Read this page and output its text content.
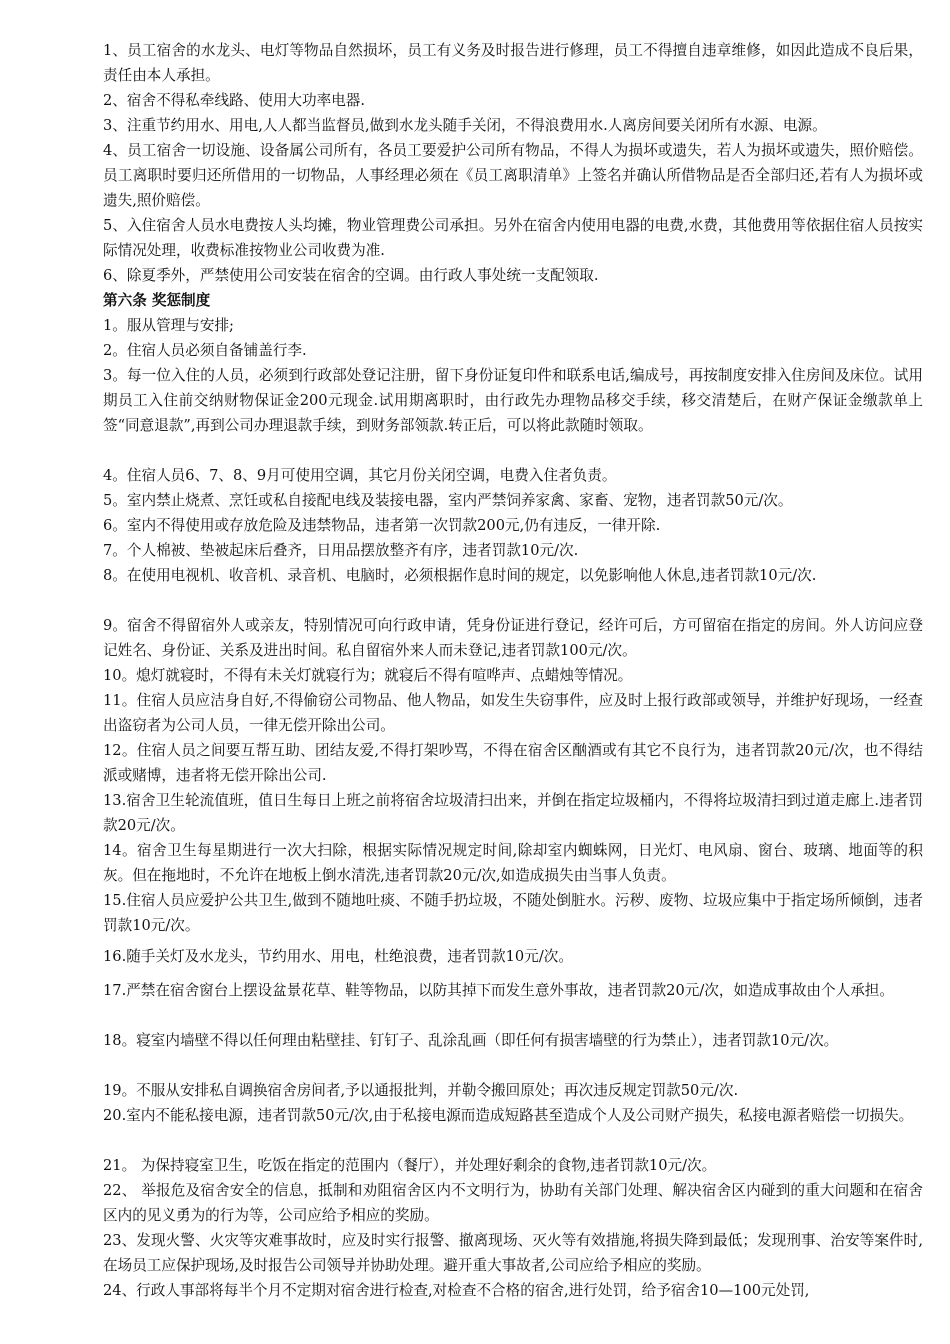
1、员工宿舍的水龙头、电灯等物品自然损坏，员工有义务及时报告进行修理，员工不得擅自违章维修，如因此造成不良后果，责任由本人承担。

2、宿舍不得私牵线路、使用大功率电器.

3、注重节约用水、用电,人人都当监督员,做到水龙头随手关闭，不得浪费用水.人离房间要关闭所有水源、电源。

4、员工宿舍一切设施、设备属公司所有，各员工要爱护公司所有物品，不得人为损坏或遗失，若人为损坏或遗失，照价赔偿。员工离职时要归还所借用的一切物品，人事经理必须在《员工离职清单》上签名并确认所借物品是否全部归还,若有人为损坏或遗失,照价赔偿。

5、入住宿舍人员水电费按人头均摊，物业管理费公司承担。另外在宿舍内使用电器的电费,水费，其他费用等依据住宿人员按实际情况处理，收费标准按物业公司收费为准.

6、除夏季外，严禁使用公司安装在宿舍的空调。由行政人事处统一支配领取.

第六条 奖惩制度

1。服从管理与安排;

2。住宿人员必须自备铺盖行李.

3。每一位入住的人员，必须到行政部处登记注册，留下身份证复印件和联系电话,编成号，再按制度安排入住房间及床位。试用期员工入住前交纳财物保证金200元现金.试用期离职时，由行政先办理物品移交手续，移交清楚后，在财产保证金缴款单上签“同意退款”,再到公司办理退款手续，到财务部领款.转正后，可以将此款随时领取。

4。住宿人员6、7、8、9月可使用空调，其它月份关闭空调，电费入住者负责。

5。室内禁止烧煮、烹饪或私自接配电线及装接电器，室内严禁饲养家禽、家畜、宠物，违者罚款50元/次。

6。室内不得使用或存放危险及违禁物品，违者第一次罚款200元,仍有违反，一律开除.

7。个人棉被、垫被起床后叠齐，日用品摆放整齐有序，违者罚款10元/次.

8。在使用电视机、收音机、录音机、电脑时，必须根据作息时间的规定，以免影响他人休息,违者罚款10元/次.

9。宿舍不得留宿外人或亲友，特别情况可向行政申请，凭身份证进行登记，经许可后，方可留宿在指定的房间。外人访问应登记姓名、身份证、关系及进出时间。私自留宿外来人而未登记,违者罚款100元/次。

10。熄灯就寝时，不得有未关灯就寝行为；就寝后不得有喧哗声、点蜡烛等情况。

11。住宿人员应洁身自好,不得偷窃公司物品、他人物品，如发生失窃事件，应及时上报行政部或领导，并维护好现场，一经查出盗窃者为公司人员，一律无偿开除出公司。

12。住宿人员之间要互帮互助、团结友爱,不得打架吵骂，不得在宿舍区酗酒或有其它不良行为，违者罚款20元/次，也不得结派或赌博，违者将无偿开除出公司.

13.宿舍卫生轮流值班，值日生每日上班之前将宿舍垃圾清扫出来，并倒在指定垃圾桶内，不得将垃圾清扫到过道走廊上.违者罚款20元/次。

14。宿舍卫生每星期进行一次大扫除，根据实际情况规定时间,除却室内蜘蛛网，日光灯、电风扇、窗台、玻璃、地面等的积灰。但在拖地时，不允许在地板上倒水清洗,违者罚款20元/次,如造成损失由当事人负责。

15.住宿人员应爱护公共卫生,做到不随地吐痰、不随手扔垃圾，不随处倒脏水。污秽、废物、垃圾应集中于指定场所倾倒，违者罚款10元/次。

16.随手关灯及水龙头，节约用水、用电，杜绝浪费，违者罚款10元/次。

17.严禁在宿舍窗台上摆设盆景花草、鞋等物品，以防其掉下而发生意外事故，违者罚款20元/次，如造成事故由个人承担。

18。寝室内墙壁不得以任何理由粘壁挂、钉钉子、乱涂乱画（即任何有损害墙壁的行为禁止），违者罚款10元/次。

19。不服从安排私自调换宿舍房间者,予以通报批判，并勒令搬回原处；再次违反规定罚款50元/次.

20.室内不能私接电源，违者罚款50元/次,由于私接电源而造成短路甚至造成个人及公司财产损失，私接电源者赔偿一切损失。

21。 为保持寝室卫生，吃饭在指定的范围内（餐厅），并处理好剩余的食物,违者罚款10元/次。

22、 举报危及宿舍安全的信息，抵制和劝阻宿舍区内不文明行为，协助有关部门处理、解决宿舍区内碰到的重大问题和在宿舍区内的见义勇为的行为等，公司应给予相应的奖励。

23、发现火警、火灾等灾难事故时，应及时实行报警、撤离现场、灭火等有效措施,将损失降到最低；发现刑事、治安等案件时,在场员工应保护现场,及时报告公司领导并协助处理。避开重大事故者,公司应给予相应的奖励。

24、行政人事部将每半个月不定期对宿舍进行检查,对检查不合格的宿舍,进行处罚，给予宿舍10—100元处罚,
